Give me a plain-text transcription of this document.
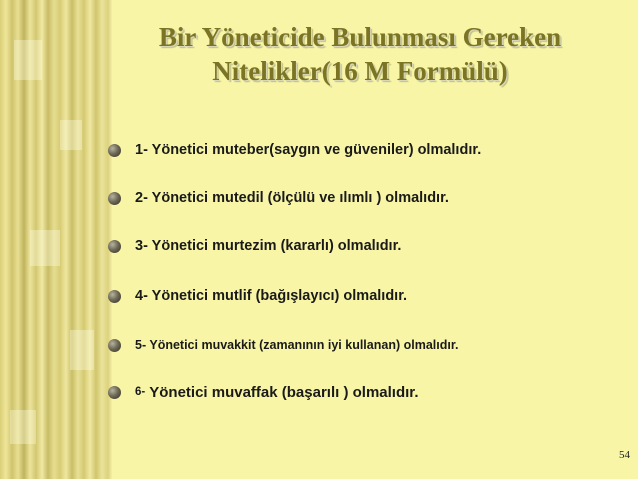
Bir Yöneticide Bulunması Gereken
Nitelikler(16 M Formülü)
1- Yönetici muteber(saygın ve güveniler) olmalıdır.
2- Yönetici mutedil (ölçülü ve ılımlı ) olmalıdır.
3- Yönetici murtezim (kararlı) olmalıdır.
4- Yönetici mutlif (bağışlayıcı) olmalıdır.
5- Yönetici muvakkit (zamanının iyi kullanan) olmalıdır.
6- Yönetici muvaffak (başarılı ) olmalıdır.
54
